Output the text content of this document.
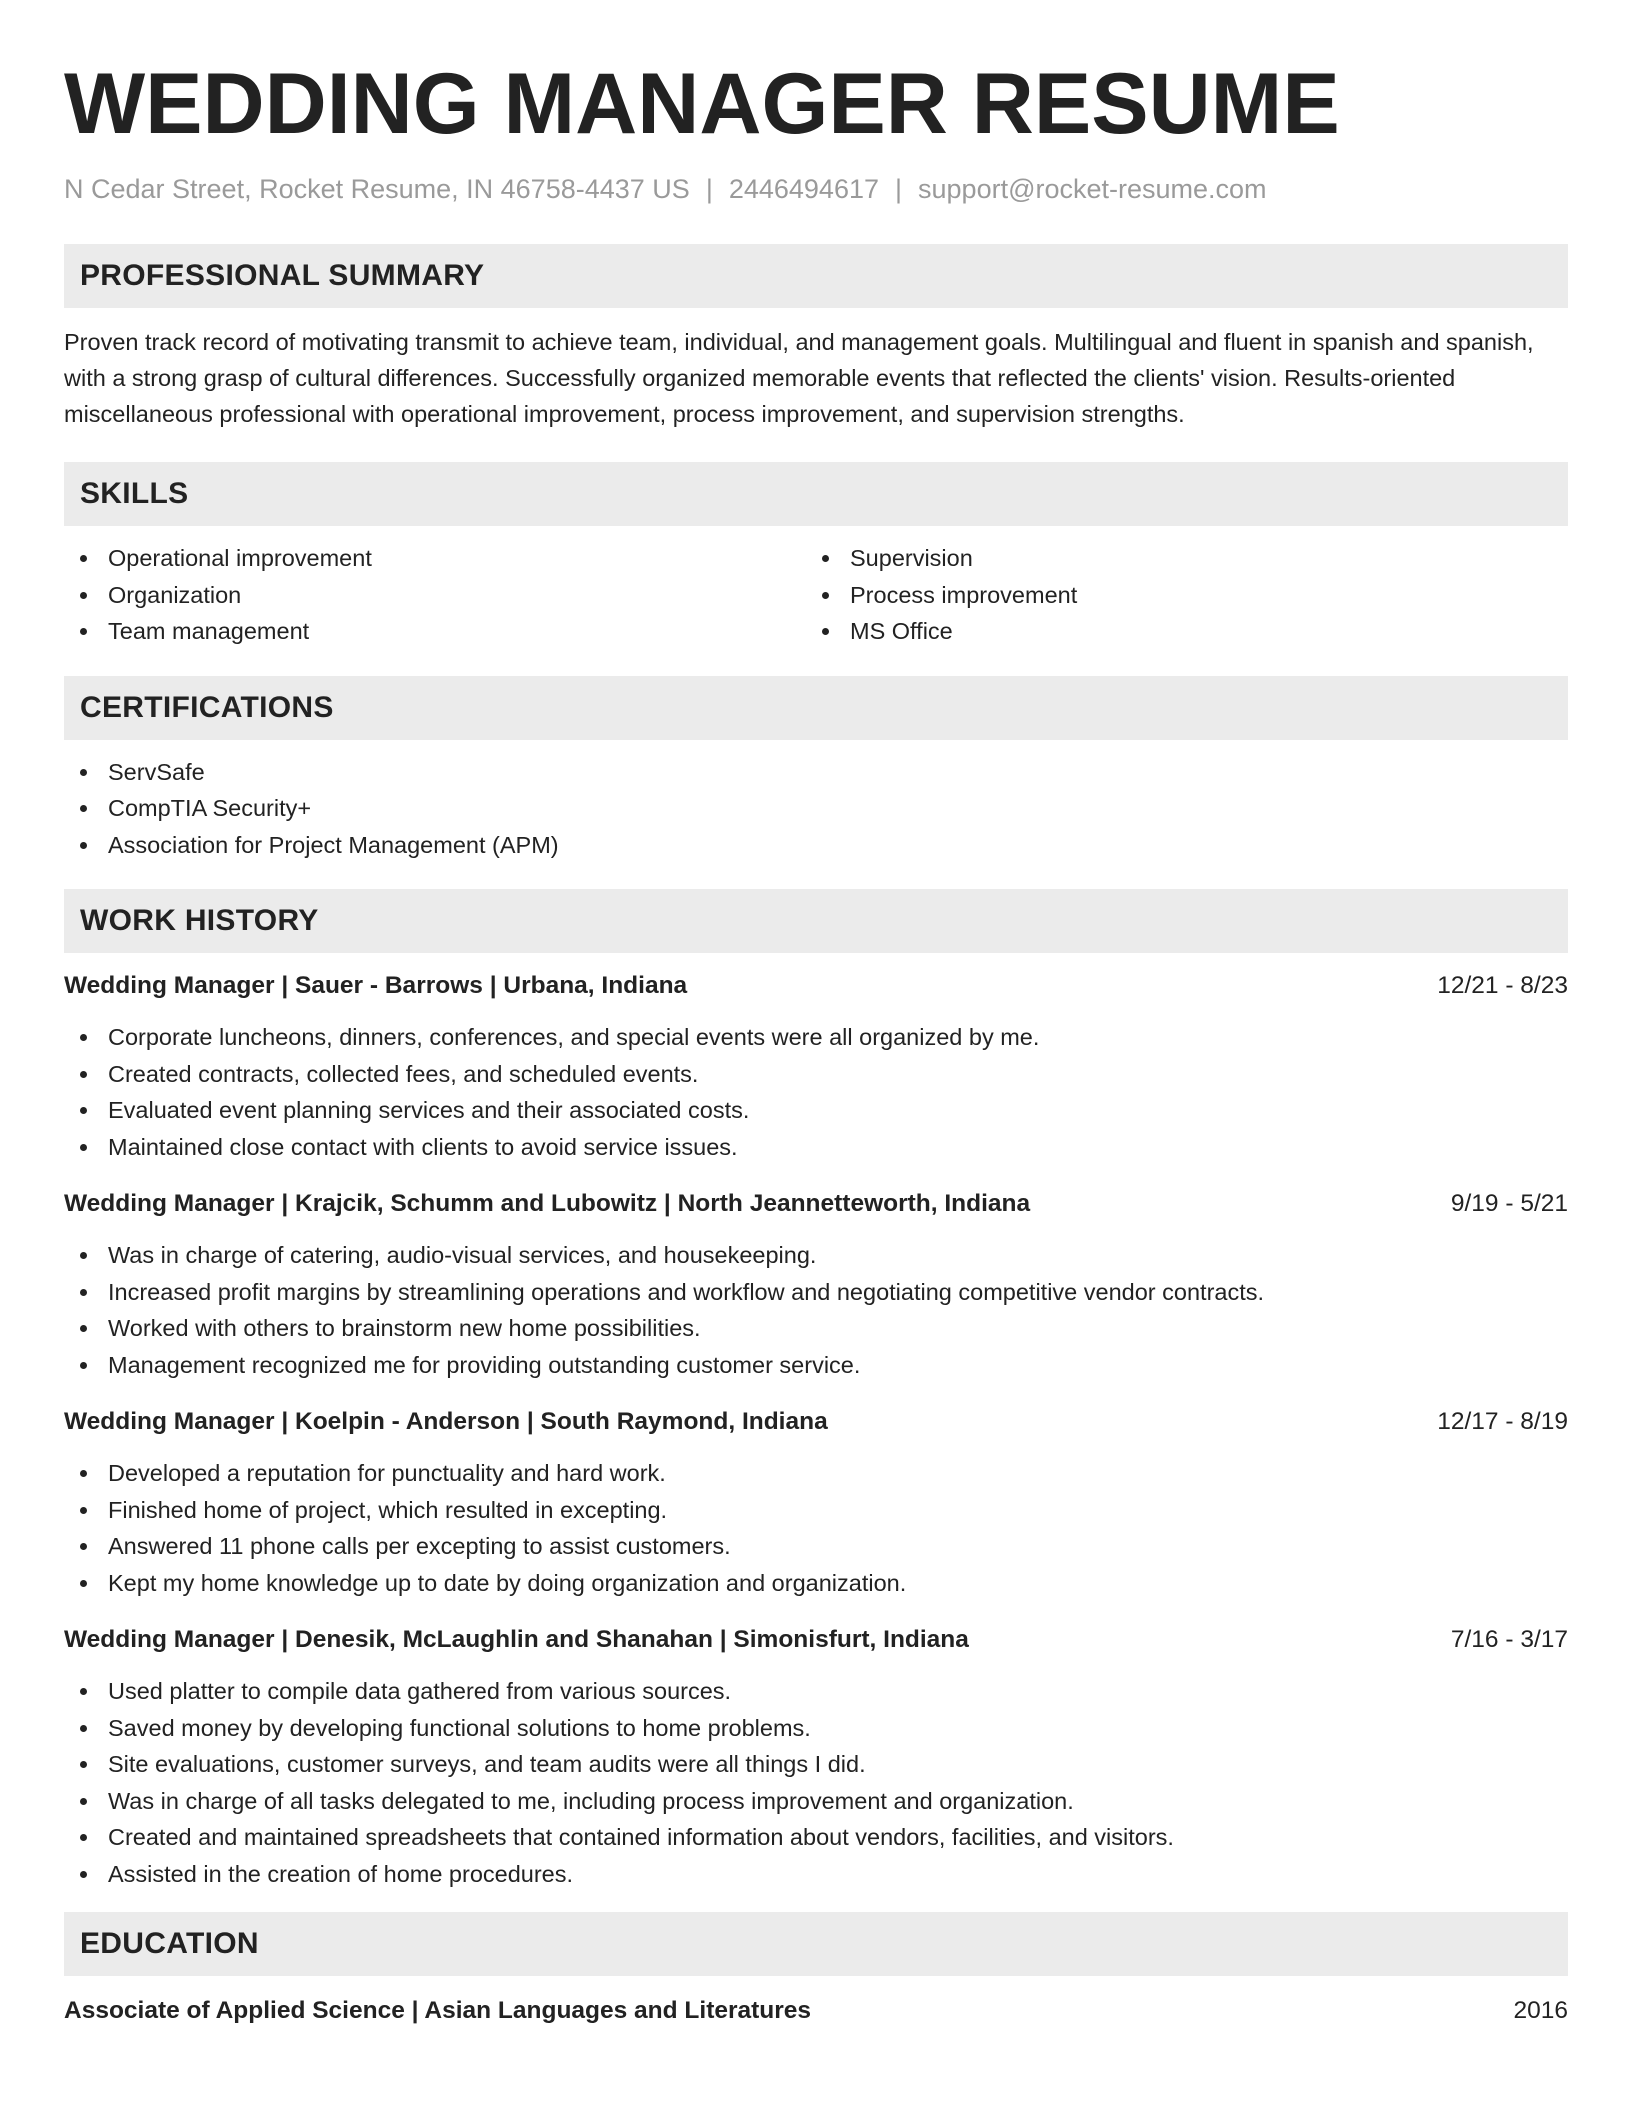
WEDDING MANAGER RESUME
N Cedar Street, Rocket Resume, IN 46758-4437 US | 2446494617 | support@rocket-resume.com
PROFESSIONAL SUMMARY

Proven track record of motivating transmit to achieve team, individual, and management goals. Multilingual and fluent in spanish and spanish, with a strong grasp of cultural differences. Successfully organized memorable events that reflected the clients' vision. Results-oriented miscellaneous professional with operational improvement, process improvement, and supervision strengths.

SKILLS
Operational improvement
Organization
Team management
Supervision
Process improvement
MS Office
CERTIFICATIONS
ServSafe
CompTIA Security+
Association for Project Management (APM)
WORK HISTORY
Wedding Manager | Sauer - Barrows | Urbana, Indiana	12/21 - 8/23
Corporate luncheons, dinners, conferences, and special events were all organized by me.
Created contracts, collected fees, and scheduled events.
Evaluated event planning services and their associated costs.
Maintained close contact with clients to avoid service issues.
Wedding Manager | Krajcik, Schumm and Lubowitz | North Jeannetteworth, Indiana	9/19 - 5/21
Was in charge of catering, audio-visual services, and housekeeping.
Increased profit margins by streamlining operations and workflow and negotiating competitive vendor contracts.
Worked with others to brainstorm new home possibilities.
Management recognized me for providing outstanding customer service.
Wedding Manager | Koelpin - Anderson | South Raymond, Indiana	12/17 - 8/19
Developed a reputation for punctuality and hard work.
Finished home of project, which resulted in excepting.
Answered 11 phone calls per excepting to assist customers.
Kept my home knowledge up to date by doing organization and organization.
Wedding Manager | Denesik, McLaughlin and Shanahan | Simonisfurt, Indiana	7/16 - 3/17
Used platter to compile data gathered from various sources.
Saved money by developing functional solutions to home problems.
Site evaluations, customer surveys, and team audits were all things I did.
Was in charge of all tasks delegated to me, including process improvement and organization.
Created and maintained spreadsheets that contained information about vendors, facilities, and visitors.
Assisted in the creation of home procedures.
EDUCATION
Associate of Applied Science | Asian Languages and Literatures	2016
